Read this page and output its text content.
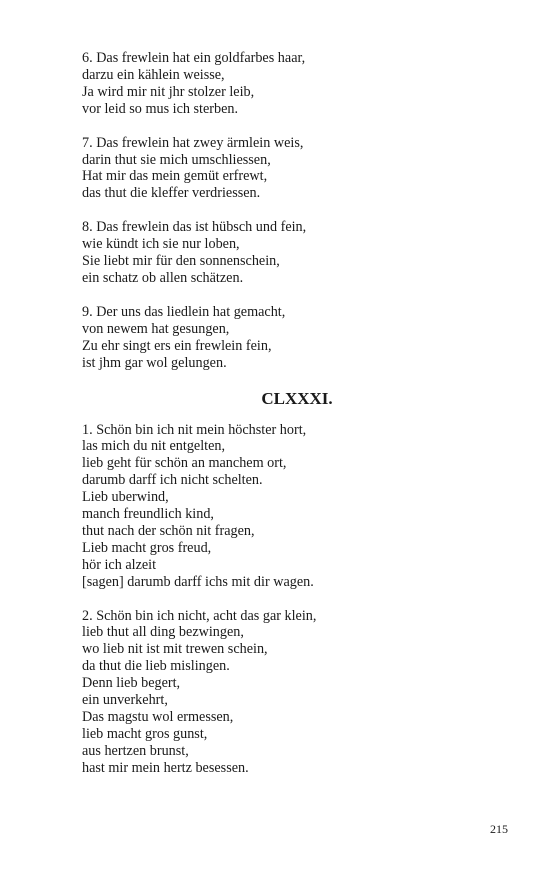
6. Das frewlein hat ein goldfarbes haar,
darzu ein kählein weisse,
Ja wird mir nit jhr stolzer leib,
vor leid so mus ich sterben.
7. Das frewlein hat zwey ärmlein weis,
darin thut sie mich umschliessen,
Hat mir das mein gemüt erfrewt,
das thut die kleffer verdriessen.
8. Das frewlein das ist hübsch und fein,
wie kündt ich sie nur loben,
Sie liebt mir für den sonnenschein,
ein schatz ob allen schätzen.
9. Der uns das liedlein hat gemacht,
von newem hat gesungen,
Zu ehr singt ers ein frewlein fein,
ist jhm gar wol gelungen.
CLXXXI.
1. Schön bin ich nit mein höchster hort,
las mich du nit entgelten,
lieb geht für schön an manchem ort,
darumb darff ich nicht schelten.
Lieb uberwind,
manch freundlich kind,
thut nach der schön nit fragen,
Lieb macht gros freud,
hör ich alzeit
[sagen] darumb darff ichs mit dir wagen.
2. Schön bin ich nicht, acht das gar klein,
lieb thut all ding bezwingen,
wo lieb nit ist mit trewen schein,
da thut die lieb mislingen.
Denn lieb begert,
ein unverkehrt,
Das magstu wol ermessen,
lieb macht gros gunst,
aus hertzen brunst,
hast mir mein hertz besessen.
215
